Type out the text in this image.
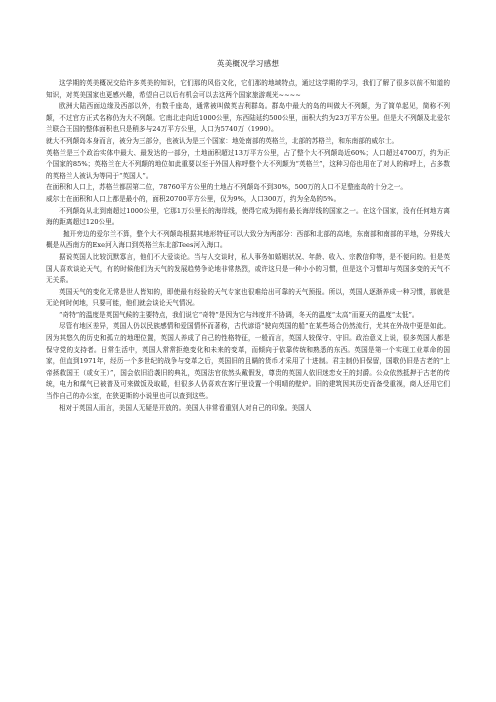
英美概况学习感想

这学期的英美概况交给许多英美的知识，它们那的风俗文化，它们那的地域特点，通过这学期的学习，我们了解了很多以前不知道的知识，对英美国家也更感兴趣，希望自己以后有机会可以去这两个国家旅游观光~~~~

欧洲大陆西面边缘及西部以外，有数千座岛，通常被叫做英吉利群岛。群岛中最大的岛的叫做大不列颠，为了简单起见，简称不列颠，不过官方正式名称仍为大不列颠。它南北走向近1000公里，东西陆延约500公里，面积大约为23万平方公里。但是大不列颠及北爱尔兰联合王国的整体面积也只是稍多与24万平方公里，人口为5740万（1990）。

就大不列颠岛本身而言，被分为三部分，也被认为是三个国家：地处南部的英格兰，北部的苏格兰，和东南部的威尔士。

英格兰是三个政治实体中最大、最发达的一部分，土地面积超过13万平方公里，占了整个大不列颠岛近60%；人口超过4700万，约为正个国家的85%；英格兰在大不列颠的地位如此重要以至于外国人称呼整个大不列颠为“英格兰”，这种习俗也用在了对人的称呼上，占多数的英格兰人被认为等同于“英国人”。

在面积和人口上，苏格兰都居第二位，78760平方公里的土地占不列颠岛不到30%，500万的人口不足整座岛的十分之一。

威尔士在面积和人口上都是最小的，面积20700平方公里，仅为9%，人口300万，约为全岛的5%。

不列颠岛从北到南超过1000公里，它那1万公里长的海岸线，使得它成为拥有最长海岸线的国家之一。在这个国家，没有任何地方离海的距离超过120公里。

抛开旁边的爱尔兰不算，整个大不列颠岛根据其地形特征可以大致分为两部分：西部和北部的高地，东南部和南部的平地，分界线大概是从西南方的Exe河入海口到英格兰东北部Tees河入海口。

据说英国人比较沉默寡言，他们不大爱谈论。当与人交谈时，私人事务如婚姻状况、年龄、收入、宗教信仰等，是不便问的。但是英国人喜欢谈论天气，有的时候他们为天气的发展趋势争论地非常热烈，或许这只是一种小小的习惯，但是这个习惯却与英国多变的天气不无关系。

英国天气的变化无常是世人皆知的，即使最有经验的天气专家也很难给出可靠的天气预报。所以，英国人逐渐养成一种习惯，那就是无论何时何地，只要可能，他们就会谈论天气情况。

“奇特”的温度是英国气候的主要特点，我们说它“奇特”是因为它与纬度并不协调，冬天的温度“太高”而夏天的温度“太低”。

尽管有地区差异，英国人仍以民族感情和爱国情怀而著称，古代谚语“驶向英国的船”在某些场合仍然流行，尤其在外战中更是如此。因为其悠久的历史和孤立的地理位置，英国人养成了自己的性格特征，一般而言，英国人较保守、守旧。政治意义上说，很多英国人都是保守党的支持者。日常生活中，英国人常常拒绝变化和未来的变革，而倾向于依靠传统和熟悉的东西。英国是第一个实现工业革命的国家，但直到1971年，经历一个多世纪的战争与变革之后，英国旧的且瞒的货币才采用了十进制。君主制仍旧保留，国歌仍旧是古老的“上帝拯救国王（或女王）”，国会依旧沿袭旧的典礼，英国法官依然头戴假发，尊贵的英国人依旧迷恋女王的封爵。公众依然抵押于古老的传统，电力和煤气已被普及可来做饭及取暖，但很多人仍喜欢在客厅里设置一个明晴的壁炉。旧的建筑因其历史而备受重视，商人还用它们当作自己的办公室，在狭更斯的小说里也可以查到这些。

相对于英国人而言，美国人无疑是开放的。美国人非常看重别人对自己的印象。美国人
